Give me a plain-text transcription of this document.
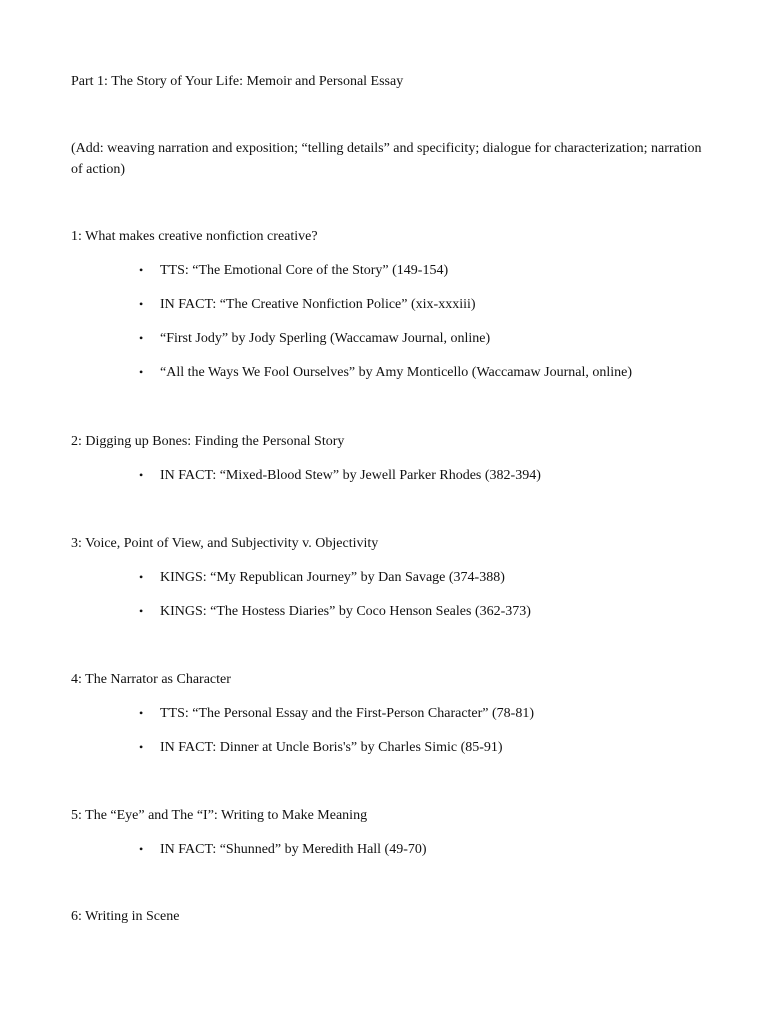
Part 1: The Story of Your Life: Memoir and Personal Essay
(Add: weaving narration and exposition; “telling details” and specificity; dialogue for characterization; narration of action)
1: What makes creative nonfiction creative?
• TTS: “The Emotional Core of the Story” (149-154)
• IN FACT: “The Creative Nonfiction Police” (xix-xxxiii)
• “First Jody” by Jody Sperling (Waccamaw Journal, online)
• “All the Ways We Fool Ourselves” by Amy Monticello (Waccamaw Journal, online)
2: Digging up Bones: Finding the Personal Story
• IN FACT: “Mixed-Blood Stew” by Jewell Parker Rhodes (382-394)
3: Voice, Point of View, and Subjectivity v. Objectivity
• KINGS: “My Republican Journey” by Dan Savage (374-388)
• KINGS: “The Hostess Diaries” by Coco Henson Seales (362-373)
4: The Narrator as Character
• TTS: “The Personal Essay and the First-Person Character” (78-81)
• IN FACT: Dinner at Uncle Boris's” by Charles Simic (85-91)
5: The “Eye” and The “I”: Writing to Make Meaning
• IN FACT: “Shunned” by Meredith Hall (49-70)
6: Writing in Scene
